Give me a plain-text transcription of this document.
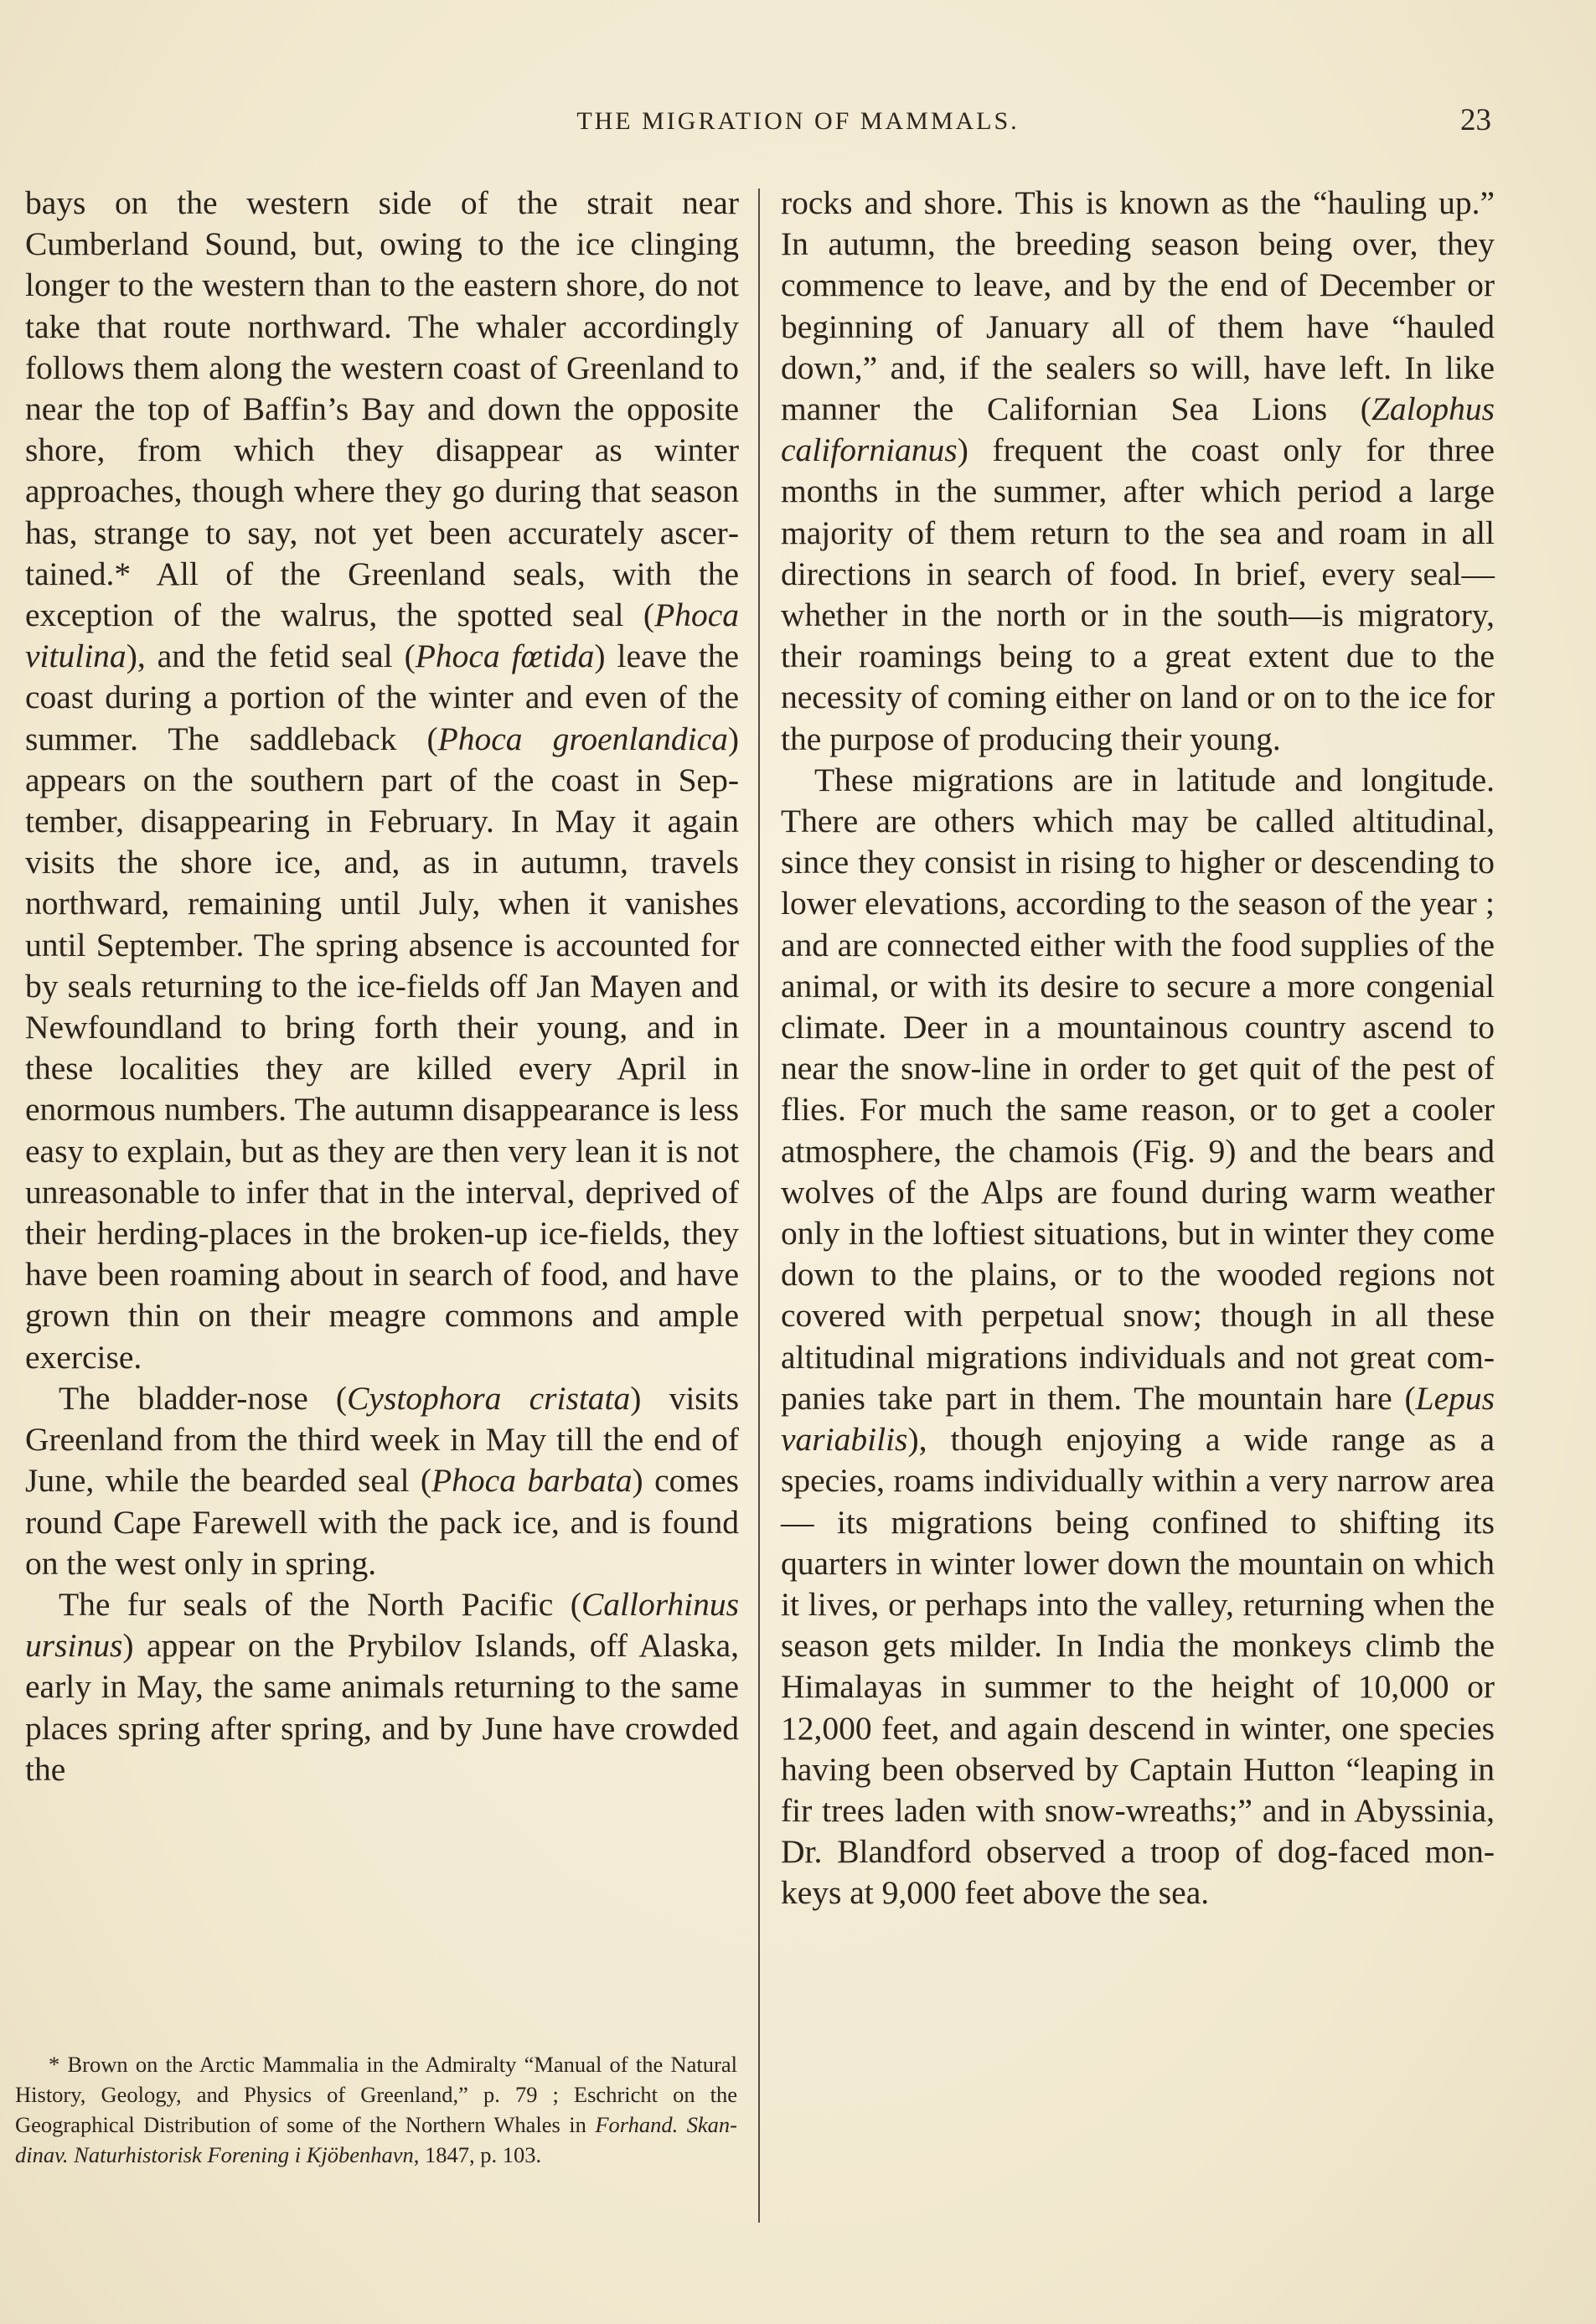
THE MIGRATION OF MAMMALS.	23

bays on the western side of the strait near Cumberland Sound, but, owing to the ice clinging longer to the western than to the eastern shore, do not take that route northward. The whaler accordingly follows them along the western coast of Greenland to near the top of Baffin’s Bay and down the opposite shore, from which they disappear as winter approaches, though where they go during that season has, strange to say, not yet been accurately ascertained.* All of the Greenland seals, with the exception of the walrus, the spotted seal (Phoca vitulina), and the fetid seal (Phoca fœtida) leave the coast during a portion of the winter and even of the summer. The saddleback (Phoca groenlandica) appears on the southern part of the coast in September, disappearing in February. In May it again visits the shore ice, and, as in autumn, travels northward, remaining until July, when it vanishes until September. The spring absence is accounted for by seals returning to the ice-fields off Jan Mayen and Newfoundland to bring forth their young, and in these localities they are killed every April in enormous numbers. The autumn disappearance is less easy to explain, but as they are then very lean it is not unreasonable to infer that in the interval, deprived of their herding-places in the broken-up ice-fields, they have been roaming about in search of food, and have grown thin on their meagre commons and ample exercise.

The bladder-nose (Cystophora cristata) visits Greenland from the third week in May till the end of June, while the bearded seal (Phoca barbata) comes round Cape Farewell with the pack ice, and is found on the west only in spring.

The fur seals of the North Pacific (Callorhinus ursinus) appear on the Prybilov Islands, off Alaska, early in May, the same animals returning to the same places spring after spring, and by June have crowded the

* Brown on the Arctic Mammalia in the Admiralty “Manual of the Natural History, Geology, and Physics of Greenland,” p. 79 ; Eschricht on the Geographical Distribution of some of the Northern Whales in Forhand. Skandinav. Naturhistorisk Forening i Kjöbenhavn, 1847, p. 103.

rocks and shore. This is known as the “hauling up.” In autumn, the breeding season being over, they commence to leave, and by the end of December or beginning of January all of them have “hauled down,” and, if the sealers so will, have left. In like manner the Californian Sea Lions (Zalophus californianus) frequent the coast only for three months in the summer, after which period a large majority of them return to the sea and roam in all directions in search of food. In brief, every seal—whether in the north or in the south—is migratory, their roamings being to a great extent due to the necessity of coming either on land or on to the ice for the purpose of producing their young.

These migrations are in latitude and longitude. There are others which may be called altitudinal, since they consist in rising to higher or descending to lower elevations, according to the season of the year ; and are connected either with the food supplies of the animal, or with its desire to secure a more congenial climate. Deer in a mountainous country ascend to near the snow-line in order to get quit of the pest of flies. For much the same reason, or to get a cooler atmosphere, the chamois (Fig. 9) and the bears and wolves of the Alps are found during warm weather only in the loftiest situations, but in winter they come down to the plains, or to the wooded regions not covered with perpetual snow; though in all these altitudinal migrations individuals and not great companies take part in them. The mountain hare (Lepus variabilis), though enjoying a wide range as a species, roams individually within a very narrow area — its migrations being confined to shifting its quarters in winter lower down the mountain on which it lives, or perhaps into the valley, returning when the season gets milder. In India the monkeys climb the Himalayas in summer to the height of 10,000 or 12,000 feet, and again descend in winter, one species having been observed by Captain Hutton “leaping in fir trees laden with snow-wreaths;” and in Abyssinia, Dr. Blandford observed a troop of dog-faced monkeys at 9,000 feet above the sea.
